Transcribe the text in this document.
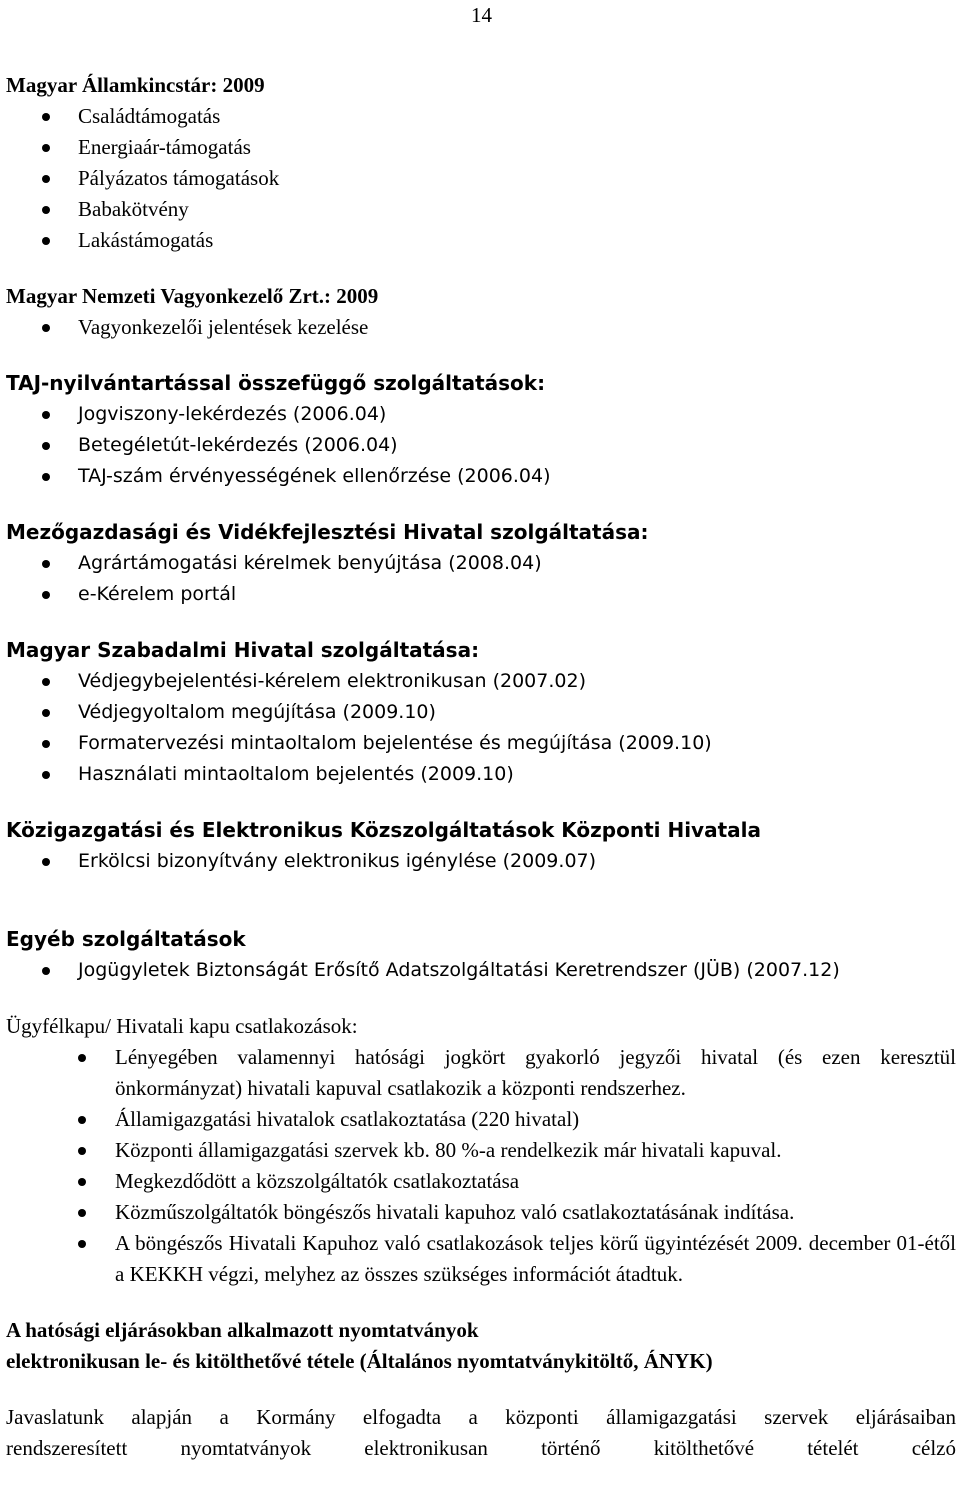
14

Magyar Államkincstár: 2009

Családtámogatás
Energiaár-támogatás
Pályázatos támogatások
Babakötvény
Lakástámogatás

Magyar Nemzeti Vagyonkezelő Zrt.: 2009

Vagyonkezelői jelentések kezelése

TAJ-nyilvántartással összefüggő szolgáltatások:

Jogviszony-lekérdezés (2006.04)
Betegéletút-lekérdezés (2006.04)
TAJ-szám érvényességének ellenőrzése (2006.04)

Mezőgazdasági és Vidékfejlesztési Hivatal szolgáltatása:

Agrártámogatási kérelmek benyújtása (2008.04)
e-Kérelem portál

Magyar Szabadalmi Hivatal szolgáltatása:

Védjegybejelentési-kérelem elektronikusan (2007.02)
Védjegyoltalom megújítása (2009.10)
Formatervezési mintaoltalom bejelentése és megújítása (2009.10)
Használati mintaoltalom bejelentés (2009.10)

Közigazgatási és Elektronikus Közszolgáltatások Központi Hivatala

Erkölcsi bizonyítvány elektronikus igénylése (2009.07)

Egyéb szolgáltatások

Jogügyletek Biztonságát Erősítő Adatszolgáltatási Keretrendszer (JÜB) (2007.12)

Ügyfélkapu/ Hivatali kapu csatlakozások:

Lényegében valamennyi hatósági jogkört gyakorló jegyzői hivatal (és ezen keresztül önkormányzat) hivatali kapuval csatlakozik a központi rendszerhez.
Államigazgatási hivatalok csatlakoztatása (220 hivatal)
Központi államigazgatási szervek kb. 80 %-a rendelkezik már hivatali kapuval.
Megkezdődött a közszolgáltatók csatlakoztatása
Közműszolgáltatók böngészős hivatali kapuhoz való csatlakoztatásának indítása.
A böngészős Hivatali Kapuhoz való csatlakozások teljes körű ügyintézését 2009. december 01-étől a KEKKH végzi, melyhez az összes szükséges információt átadtuk.

A hatósági eljárásokban alkalmazott nyomtatványok

elektronikusan le- és kitölthetővé tétele (Általános nyomtatványkitöltő, ÁNYK)

Javaslatunk alapján a Kormány elfogadta a központi államigazgatási szervek eljárásaiban

rendszeresített nyomtatványok elektronikusan történő kitölthetővé tételét célzó
